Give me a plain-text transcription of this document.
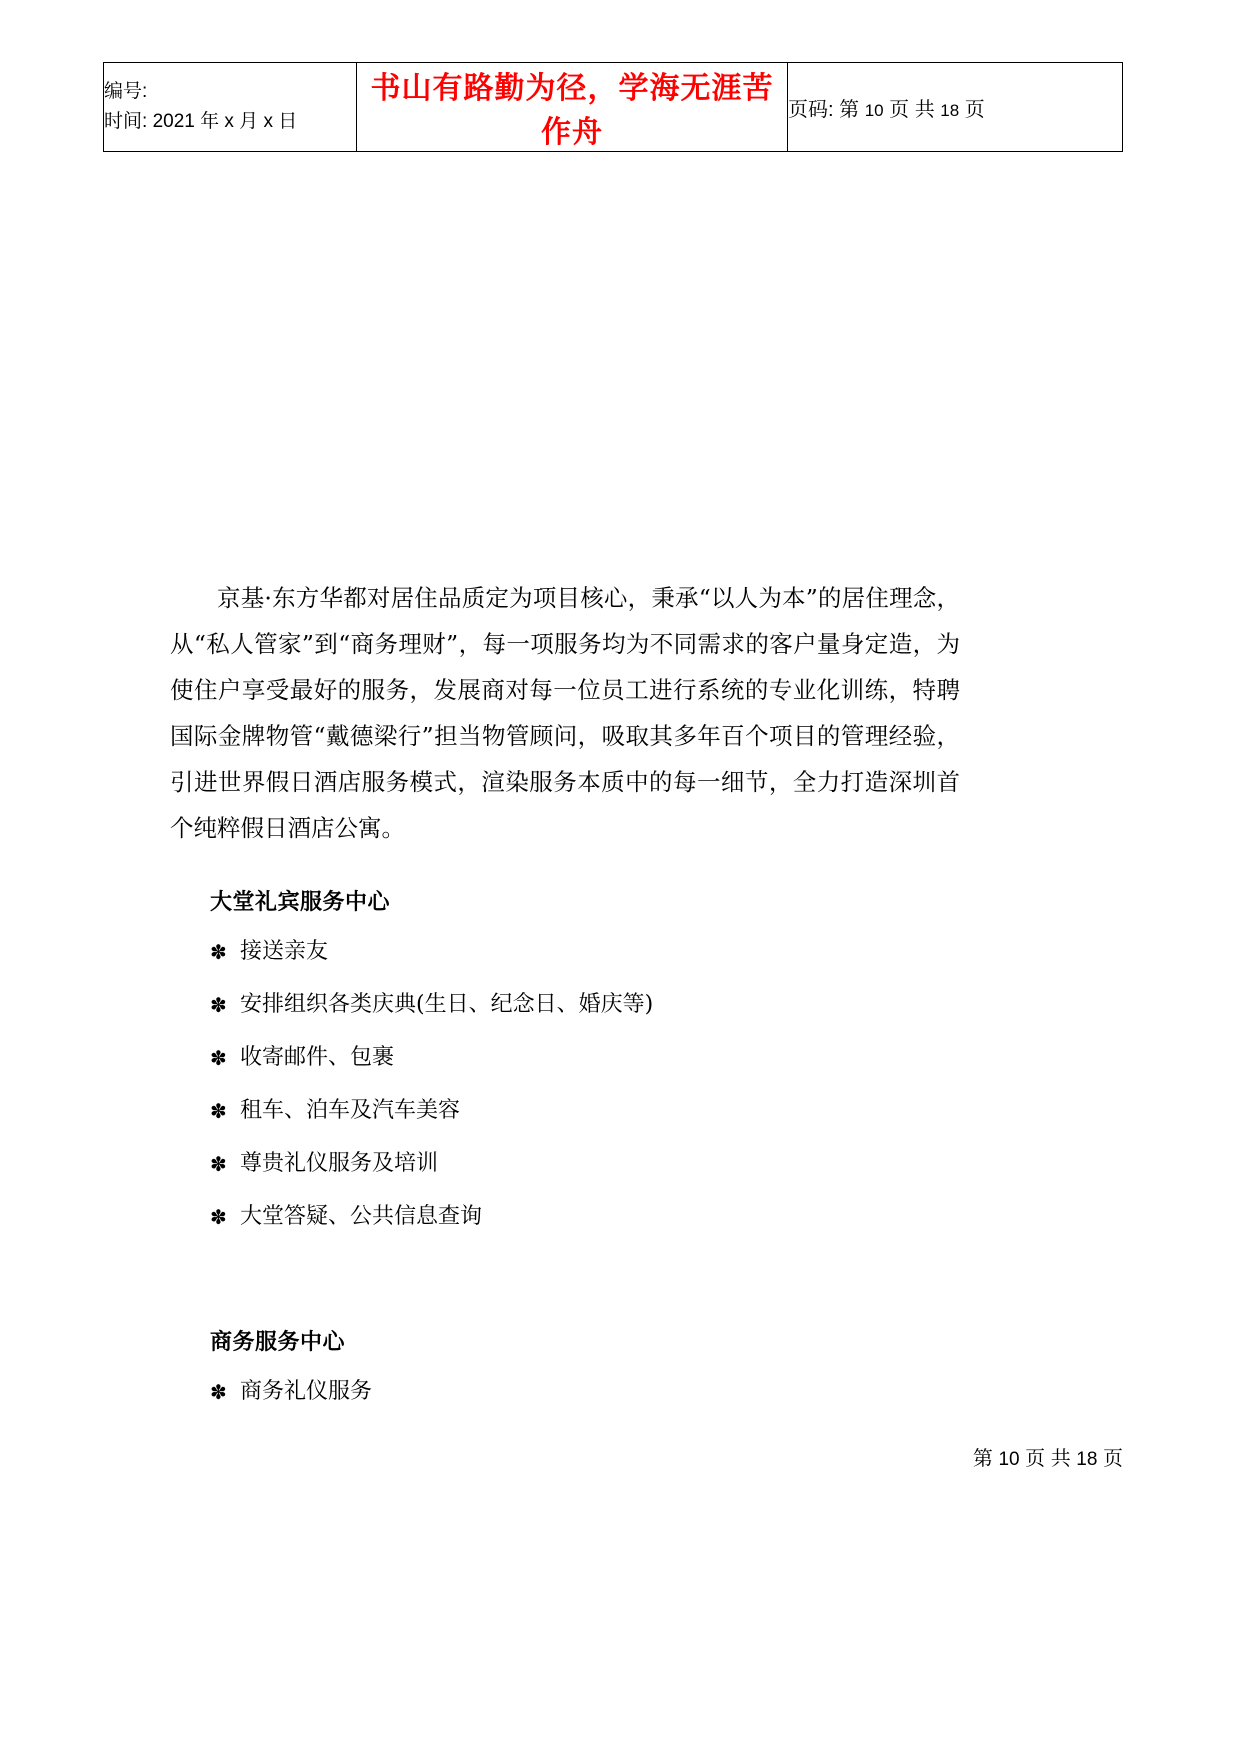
编号:
时间: 2021 年 x 月 x 日
	书山有路勤为径，学海无涯苦作舟	页码: 第 10 页 共 18 页
京基·东方华都对居住品质定为项目核心，秉承“以人为本”的居住理念，从“私人管家”到“商务理财”，每一项服务均为不同需求的客户量身定造，为使住户享受最好的服务，发展商对每一位员工进行系统的专业化训练，特聘国际金牌物管“戴德梁行”担当物管顾问，吸取其多年百个项目的管理经验，引进世界假日酒店服务模式，渲染服务本质中的每一细节，全力打造深圳首个纯粹假日酒店公寓。
大堂礼宾服务中心
✽ 接送亲友
✽ 安排组织各类庆典(生日、纪念日、婚庆等)
✽ 收寄邮件、包裹
✽ 租车、泊车及汽车美容
✽ 尊贵礼仪服务及培训
✽ 大堂答疑、公共信息查询
商务服务中心
✽ 商务礼仪服务
第 10 页 共 18 页
